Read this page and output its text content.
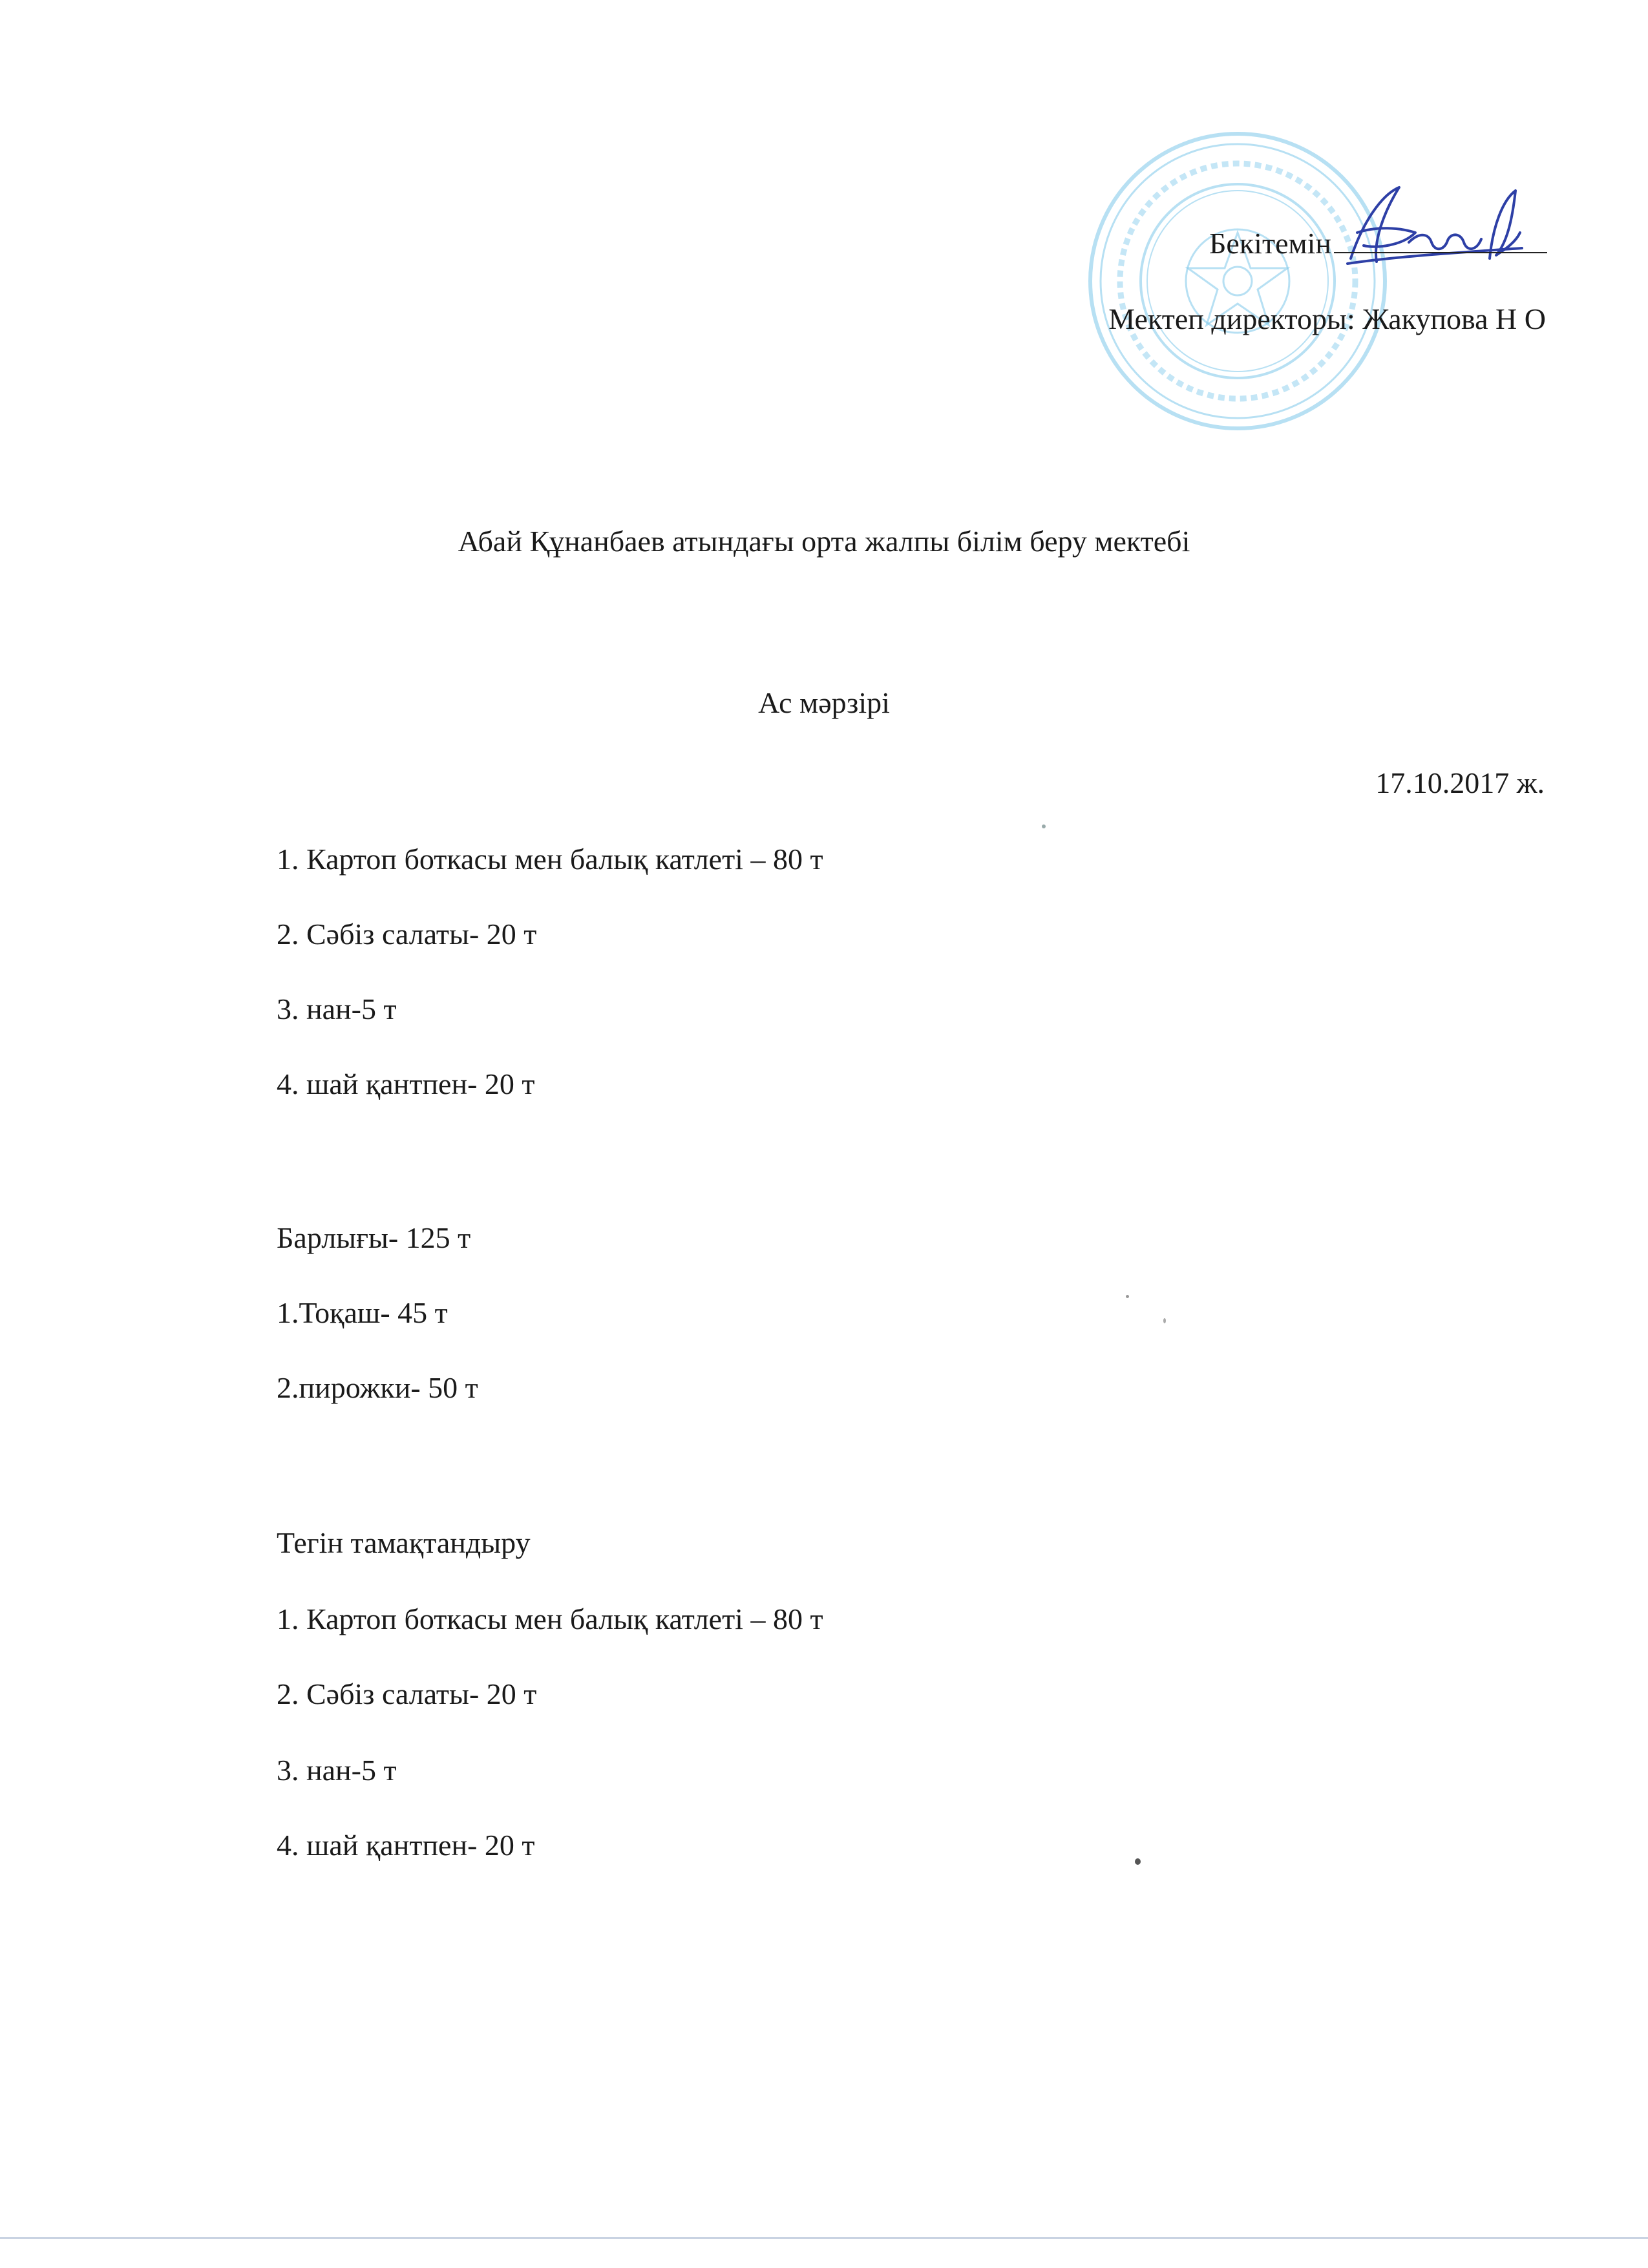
Бекітемін
Мектеп директоры: Жакупова Н О
Абай Құнанбаев атындағы орта жалпы білім беру мектебі
Ас мәрзірі
17.10.2017 ж.
1. Картоп боткасы мен балық катлеті – 80 т
2. Сәбіз салаты- 20 т
3. нан-5 т
4. шай қантпен- 20 т
Барлығы- 125 т
1.Тоқаш- 45 т
2.пирожки- 50 т
Тегін тамақтандыру
1. Картоп боткасы мен балық катлеті – 80 т
2. Сәбіз салаты- 20 т
3. нан-5 т
4. шай қантпен- 20 т
